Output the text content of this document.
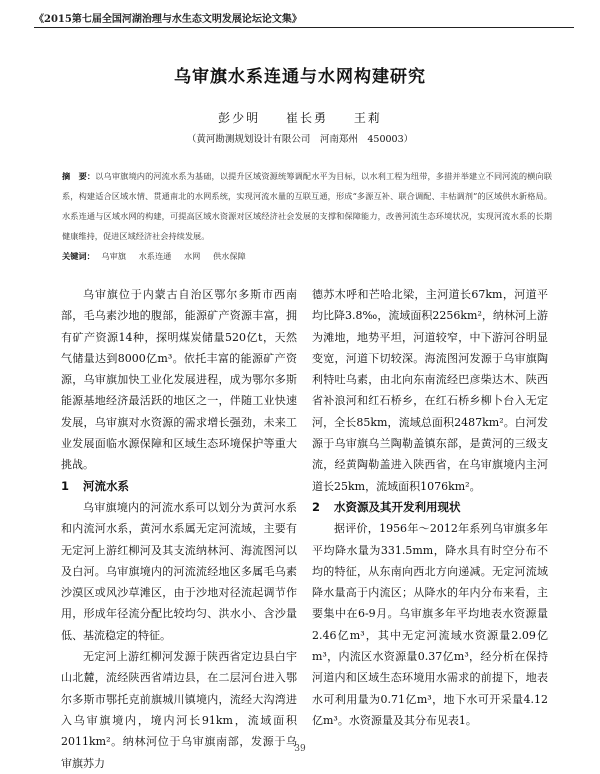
《2015第七届全国河湖治理与水生态文明发展论坛论文集》
乌审旗水系连通与水网构建研究
彭少明 崔长勇 王莉
（黄河勘测规划设计有限公司　河南郑州　450003）
摘　要：以乌审旗境内的河流水系为基础，以提升区域资源统筹调配水平为目标，以水利工程为纽带，多措并举建立不同河流的横向联系，构建适合区域水情、贯通南北的水网系统，实现河流水量的互联互通，形成“多源互补、联合调配、丰枯调剂”的区域供水新格局。水系连通与区域水网的构建，可提高区域水资源对区域经济社会发展的支撑和保障能力，改善河流生态环境状况，实现河流水系的长期健康维持，促进区域经济社会持续发展。
关键词： 乌审旗 水系连通 水网 供水保障

乌审旗位于内蒙古自治区鄂尔多斯市西南部，毛乌素沙地的腹部，能源矿产资源丰富，拥有矿产资源14种，探明煤炭储量520亿t，天然气储量达到8000亿m³。依托丰富的能源矿产资源，乌审旗加快工业化发展进程，成为鄂尔多斯能源基地经济最活跃的地区之一，伴随工业快速发展，乌审旗对水资源的需求增长强劲，未来工业发展面临水源保障和区域生态环境保护等重大挑战。

1 河流水系

乌审旗境内的河流水系可以划分为黄河水系和内流河水系，黄河水系属无定河流域，主要有无定河上游红柳河及其支流纳林河、海流图河以及白河。乌审旗境内的河流流经地区多属毛乌素沙漠区或风沙草滩区，由于沙地对径流起调节作用，形成年径流分配比较均匀、洪水小、含沙量低、基流稳定的特征。

无定河上游红柳河发源于陕西省定边县白宇山北麓，流经陕西省靖边县，在二层河台进入鄂尔多斯市鄂托克前旗城川镇境内，流经大沟湾进入乌审旗境内，境内河长91km，流域面积2011km²。纳林河位于乌审旗南部，发源于乌审旗苏力

德苏木呼和芒哈北梁，主河道长67km，河道平均比降3.8‰，流域面积2256km²，纳林河上游为滩地，地势平坦，河道较窄，中下游河谷明显变宽，河道下切较深。海流图河发源于乌审旗陶利特吐乌素，由北向东南流经巴彦柴达木、陕西省补浪河和红石桥乡，在红石桥乡柳卜台入无定河，全长85km，流域总面积2487km²。白河发源于乌审旗乌兰陶勒盖镇东部，是黄河的三级支流，经黄陶勒盖进入陕西省，在乌审旗境内主河道长25km，流域面积1076km²。

2 水资源及其开发利用现状

据评价，1956年～2012年系列乌审旗多年平均降水量为331.5mm，降水具有时空分布不均的特征，从东南向西北方向递减。无定河流域降水量高于内流区；从降水的年内分布来看，主要集中在6-9月。乌审旗多年平均地表水资源量2.46亿m³，其中无定河流域水资源量2.09亿m³，内流区水资源量0.37亿m³，经分析在保持河道内和区域生态环境用水需求的前提下，地表水可利用量为0.71亿m³，地下水可开采量4.12亿m³。水资源量及其分布见表1。

39
